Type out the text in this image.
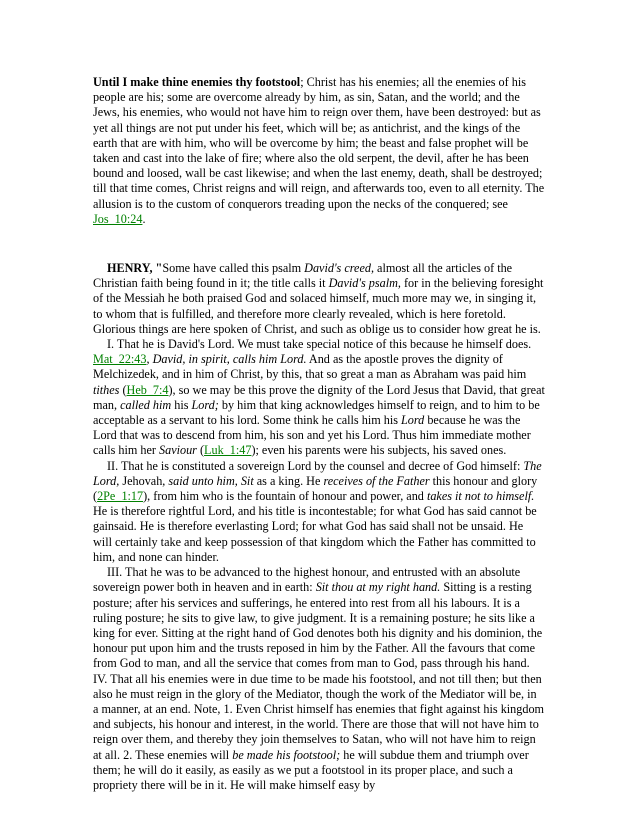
Until I make thine enemies thy footstool; Christ has his enemies; all the enemies of his people are his; some are overcome already by him, as sin, Satan, and the world; and the Jews, his enemies, who would not have him to reign over them, have been destroyed: but as yet all things are not put under his feet, which will be; as antichrist, and the kings of the earth that are with him, who will be overcome by him; the beast and false prophet will be taken and cast into the lake of fire; where also the old serpent, the devil, after he has been bound and loosed, wall be cast likewise; and when the last enemy, death, shall be destroyed; till that time comes, Christ reigns and will reign, and afterwards too, even to all eternity. The allusion is to the custom of conquerors treading upon the necks of the conquered; see Jos_10:24.

HENRY, "Some have called this psalm David's creed, almost all the articles of the Christian faith being found in it; the title calls it David's psalm, for in the believing foresight of the Messiah he both praised God and solaced himself, much more may we, in singing it, to whom that is fulfilled, and therefore more clearly revealed, which is here foretold. Glorious things are here spoken of Christ, and such as oblige us to consider how great he is.

I. That he is David's Lord. We must take special notice of this because he himself does. Mat_22:43, David, in spirit, calls him Lord. And as the apostle proves the dignity of Melchizedek, and in him of Christ, by this, that so great a man as Abraham was paid him tithes (Heb_7:4), so we may be this prove the dignity of the Lord Jesus that David, that great man, called him his Lord; by him that king acknowledges himself to reign, and to him to be acceptable as a servant to his lord. Some think he calls him his Lord because he was the Lord that was to descend from him, his son and yet his Lord. Thus him immediate mother calls him her Saviour (Luk_1:47); even his parents were his subjects, his saved ones.

II. That he is constituted a sovereign Lord by the counsel and decree of God himself: The Lord, Jehovah, said unto him, Sit as a king. He receives of the Father this honour and glory (2Pe_1:17), from him who is the fountain of honour and power, and takes it not to himself. He is therefore rightful Lord, and his title is incontestable; for what God has said cannot be gainsaid. He is therefore everlasting Lord; for what God has said shall not be unsaid. He will certainly take and keep possession of that kingdom which the Father has committed to him, and none can hinder.

III. That he was to be advanced to the highest honour, and entrusted with an absolute sovereign power both in heaven and in earth: Sit thou at my right hand. Sitting is a resting posture; after his services and sufferings, he entered into rest from all his labours. It is a ruling posture; he sits to give law, to give judgment. It is a remaining posture; he sits like a king for ever. Sitting at the right hand of God denotes both his dignity and his dominion, the honour put upon him and the trusts reposed in him by the Father. All the favours that come from God to man, and all the service that comes from man to God, pass through his hand.

IV. That all his enemies were in due time to be made his footstool, and not till then; but then also he must reign in the glory of the Mediator, though the work of the Mediator will be, in a manner, at an end. Note, 1. Even Christ himself has enemies that fight against his kingdom and subjects, his honour and interest, in the world. There are those that will not have him to reign over them, and thereby they join themselves to Satan, who will not have him to reign at all. 2. These enemies will be made his footstool; he will subdue them and triumph over them; he will do it easily, as easily as we put a footstool in its proper place, and such a propriety there will be in it. He will make himself easy by
